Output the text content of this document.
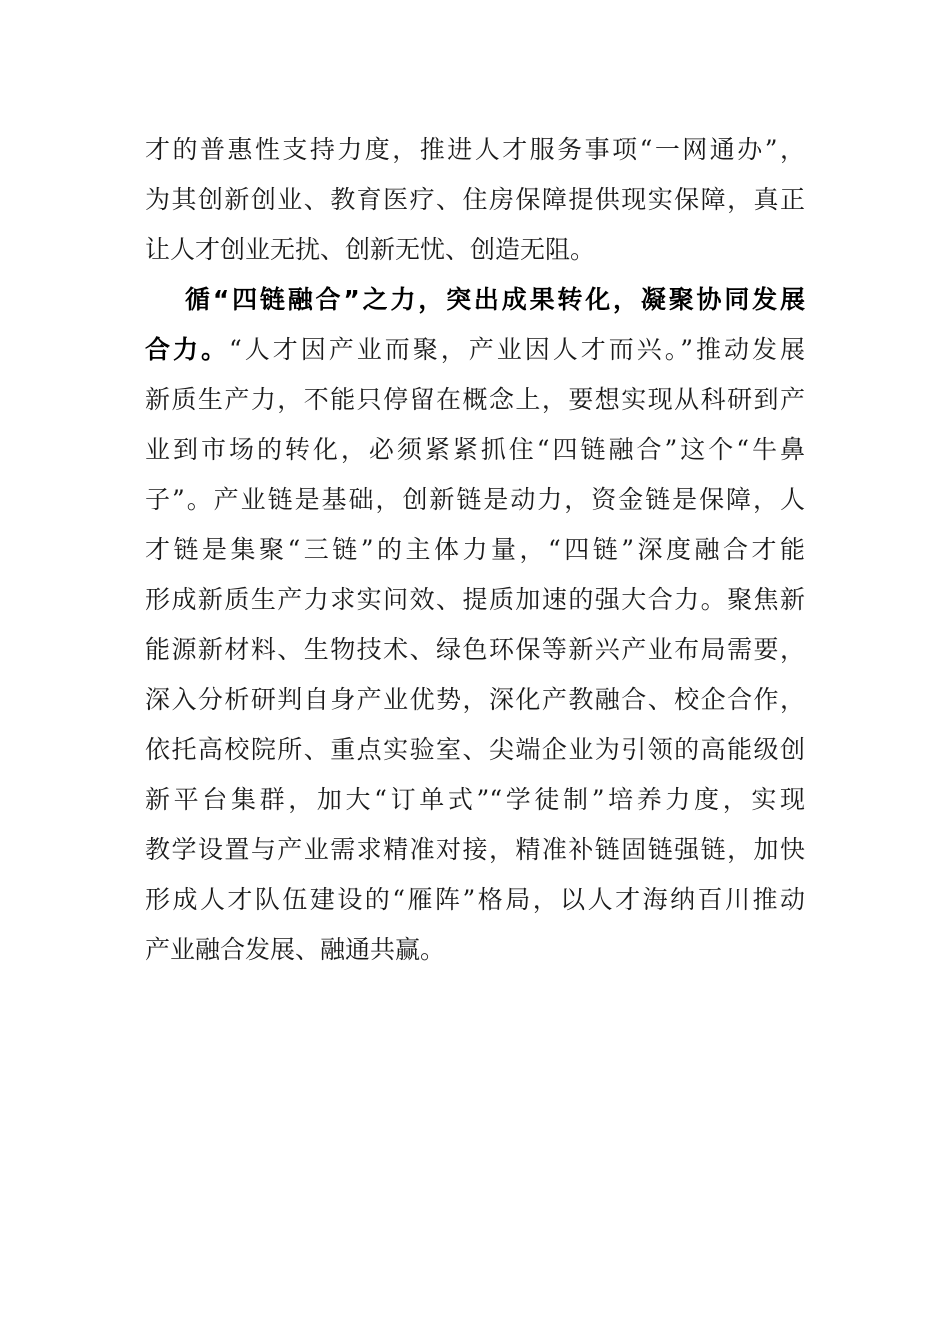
才的普惠性支持力度，推进人才服务事项“一网通办”，
为其创新创业、教育医疗、住房保障提供现实保障，真正
让人才创业无扰、创新无忧、创造无阻。
循“四链融合”之力，突出成果转化，凝聚协同发展
合力。“人才因产业而聚，产业因人才而兴。”推动发展
新质生产力，不能只停留在概念上，要想实现从科研到产
业到市场的转化，必须紧紧抓住“四链融合”这个“牛鼻
子”。产业链是基础，创新链是动力，资金链是保障，人
才链是集聚“三链”的主体力量，“四链”深度融合才能
形成新质生产力求实问效、提质加速的强大合力。聚焦新
能源新材料、生物技术、绿色环保等新兴产业布局需要，
深入分析研判自身产业优势，深化产教融合、校企合作，
依托高校院所、重点实验室、尖端企业为引领的高能级创
新平台集群，加大“订单式”“学徒制”培养力度，实现
教学设置与产业需求精准对接，精准补链固链强链，加快
形成人才队伍建设的“雁阵”格局，以人才海纳百川推动
产业融合发展、融通共赢。
